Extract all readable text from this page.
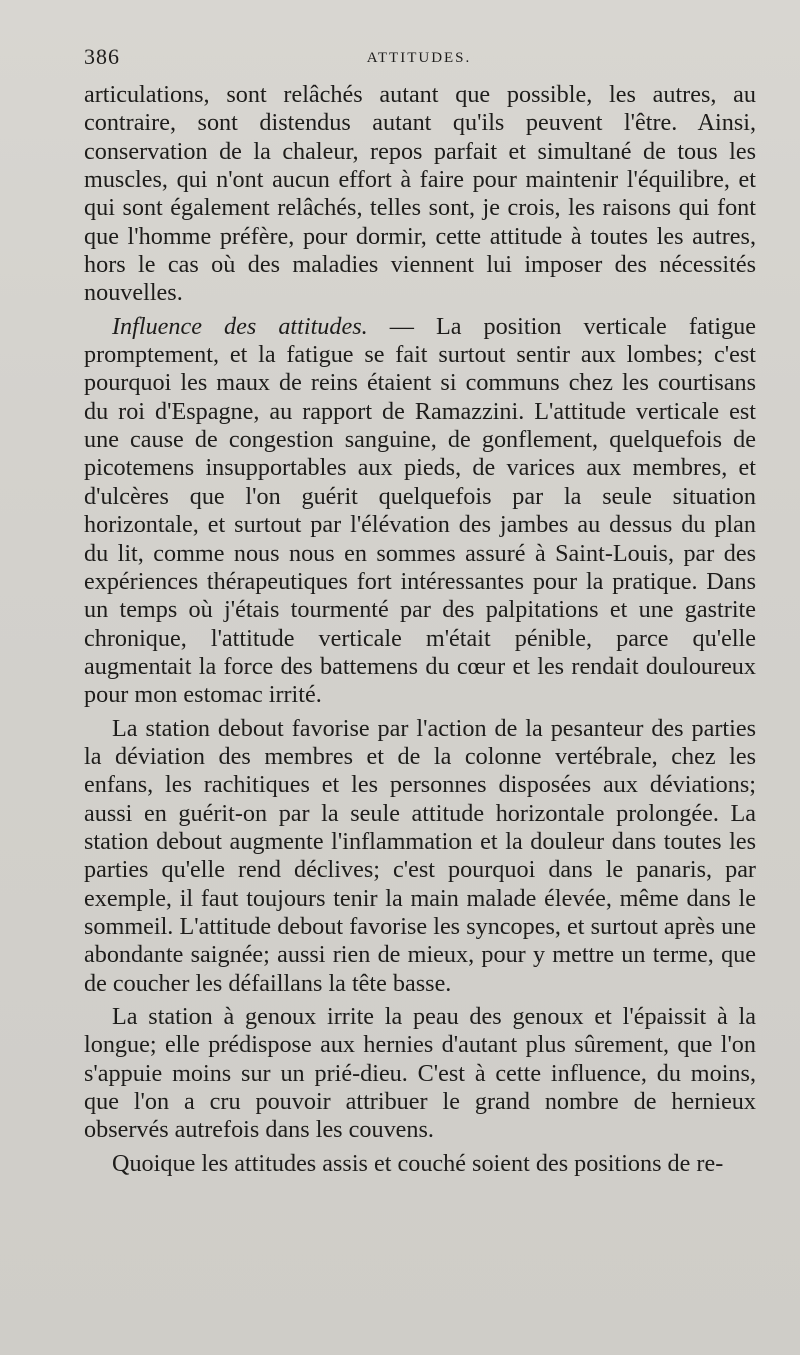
386	ATTITUDES.

articulations, sont relâchés autant que possible, les autres, au contraire, sont distendus autant qu'ils peuvent l'être. Ainsi, conservation de la chaleur, repos parfait et simultané de tous les muscles, qui n'ont aucun effort à faire pour maintenir l'équilibre, et qui sont également relâchés, telles sont, je crois, les raisons qui font que l'homme préfère, pour dormir, cette attitude à toutes les autres, hors le cas où des maladies viennent lui imposer des nécessités nouvelles.

Influence des attitudes. — La position verticale fatigue promptement, et la fatigue se fait surtout sentir aux lombes; c'est pourquoi les maux de reins étaient si communs chez les courtisans du roi d'Espagne, au rapport de Ramazzini. L'attitude verticale est une cause de congestion sanguine, de gonflement, quelquefois de picotemens insupportables aux pieds, de varices aux membres, et d'ulcères que l'on guérit quelquefois par la seule situation horizontale, et surtout par l'élévation des jambes au dessus du plan du lit, comme nous nous en sommes assuré à Saint-Louis, par des expériences thérapeutiques fort intéressantes pour la pratique. Dans un temps où j'étais tourmenté par des palpitations et une gastrite chronique, l'attitude verticale m'était pénible, parce qu'elle augmentait la force des battemens du cœur et les rendait douloureux pour mon estomac irrité.

La station debout favorise par l'action de la pesanteur des parties la déviation des membres et de la colonne vertébrale, chez les enfans, les rachitiques et les personnes disposées aux déviations; aussi en guérit-on par la seule attitude horizontale prolongée. La station debout augmente l'inflammation et la douleur dans toutes les parties qu'elle rend déclives; c'est pourquoi dans le panaris, par exemple, il faut toujours tenir la main malade élevée, même dans le sommeil. L'attitude debout favorise les syncopes, et surtout après une abondante saignée; aussi rien de mieux, pour y mettre un terme, que de coucher les défaillans la tête basse.

La station à genoux irrite la peau des genoux et l'épaissit à la longue; elle prédispose aux hernies d'autant plus sûrement, que l'on s'appuie moins sur un prié-dieu. C'est à cette influence, du moins, que l'on a cru pouvoir attribuer le grand nombre de hernieux observés autrefois dans les couvens.

Quoique les attitudes assis et couché soient des positions de re-
